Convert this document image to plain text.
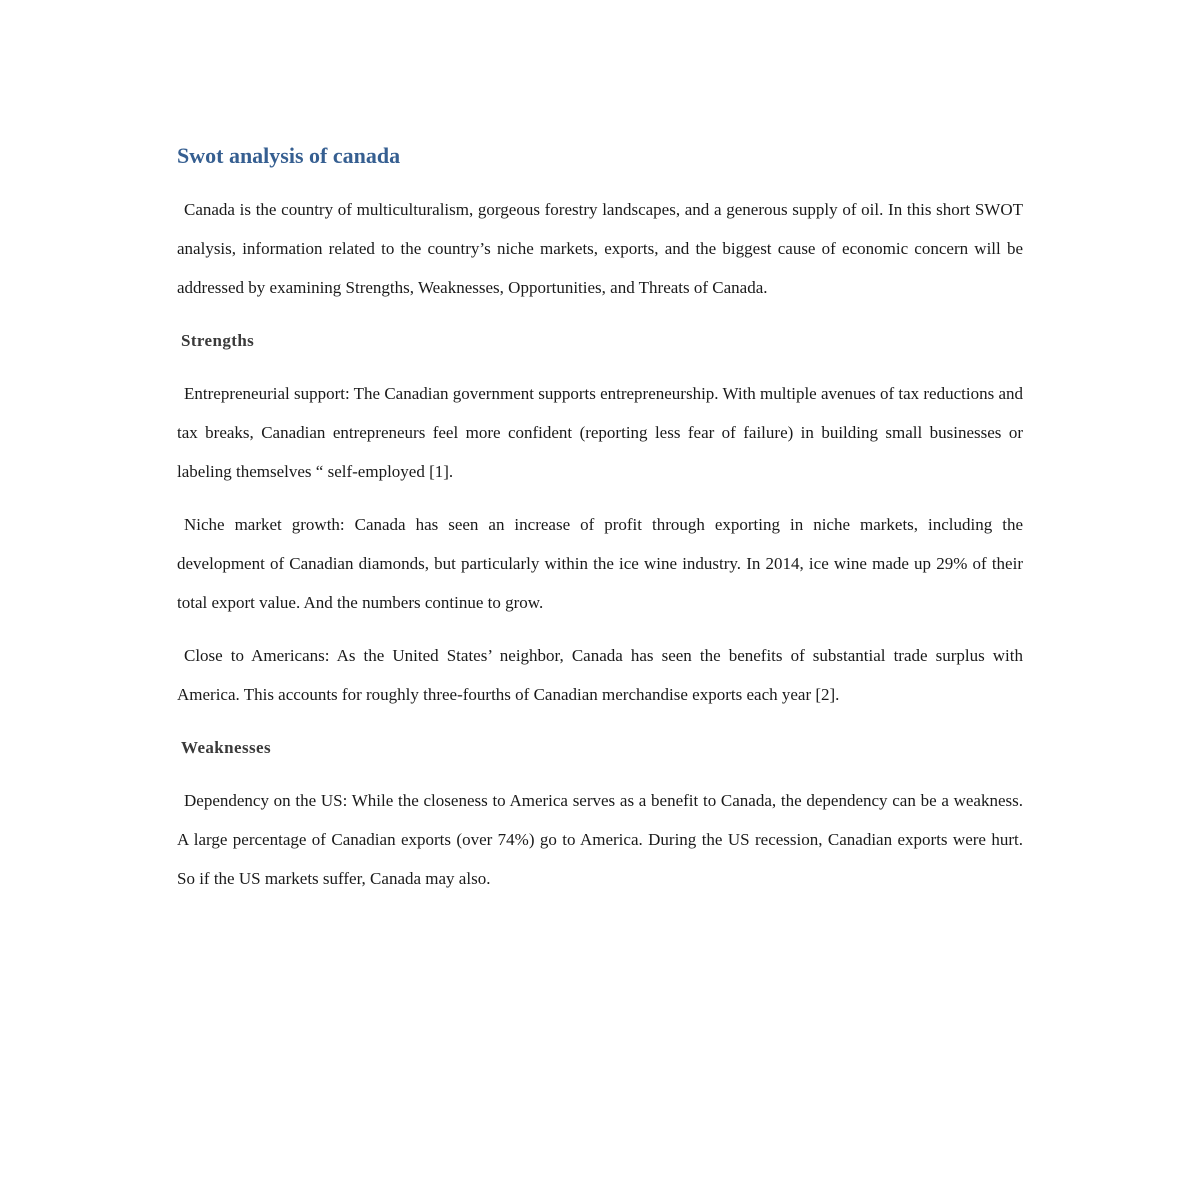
Swot analysis of canada

Canada is the country of multiculturalism, gorgeous forestry landscapes, and a generous supply of oil. In this short SWOT analysis, information related to the country’s niche markets, exports, and the biggest cause of economic concern will be addressed by examining Strengths, Weaknesses, Opportunities, and Threats of Canada.

Strengths

Entrepreneurial support: The Canadian government supports entrepreneurship. With multiple avenues of tax reductions and tax breaks, Canadian entrepreneurs feel more confident (reporting less fear of failure) in building small businesses or labeling themselves “ self-employed [1].

Niche market growth: Canada has seen an increase of profit through exporting in niche markets, including the development of Canadian diamonds, but particularly within the ice wine industry. In 2014, ice wine made up 29% of their total export value. And the numbers continue to grow.

Close to Americans: As the United States’ neighbor, Canada has seen the benefits of substantial trade surplus with America. This accounts for roughly three-fourths of Canadian merchandise exports each year [2].

Weaknesses

Dependency on the US: While the closeness to America serves as a benefit to Canada, the dependency can be a weakness. A large percentage of Canadian exports (over 74%) go to America. During the US recession, Canadian exports were hurt. So if the US markets suffer, Canada may also.
